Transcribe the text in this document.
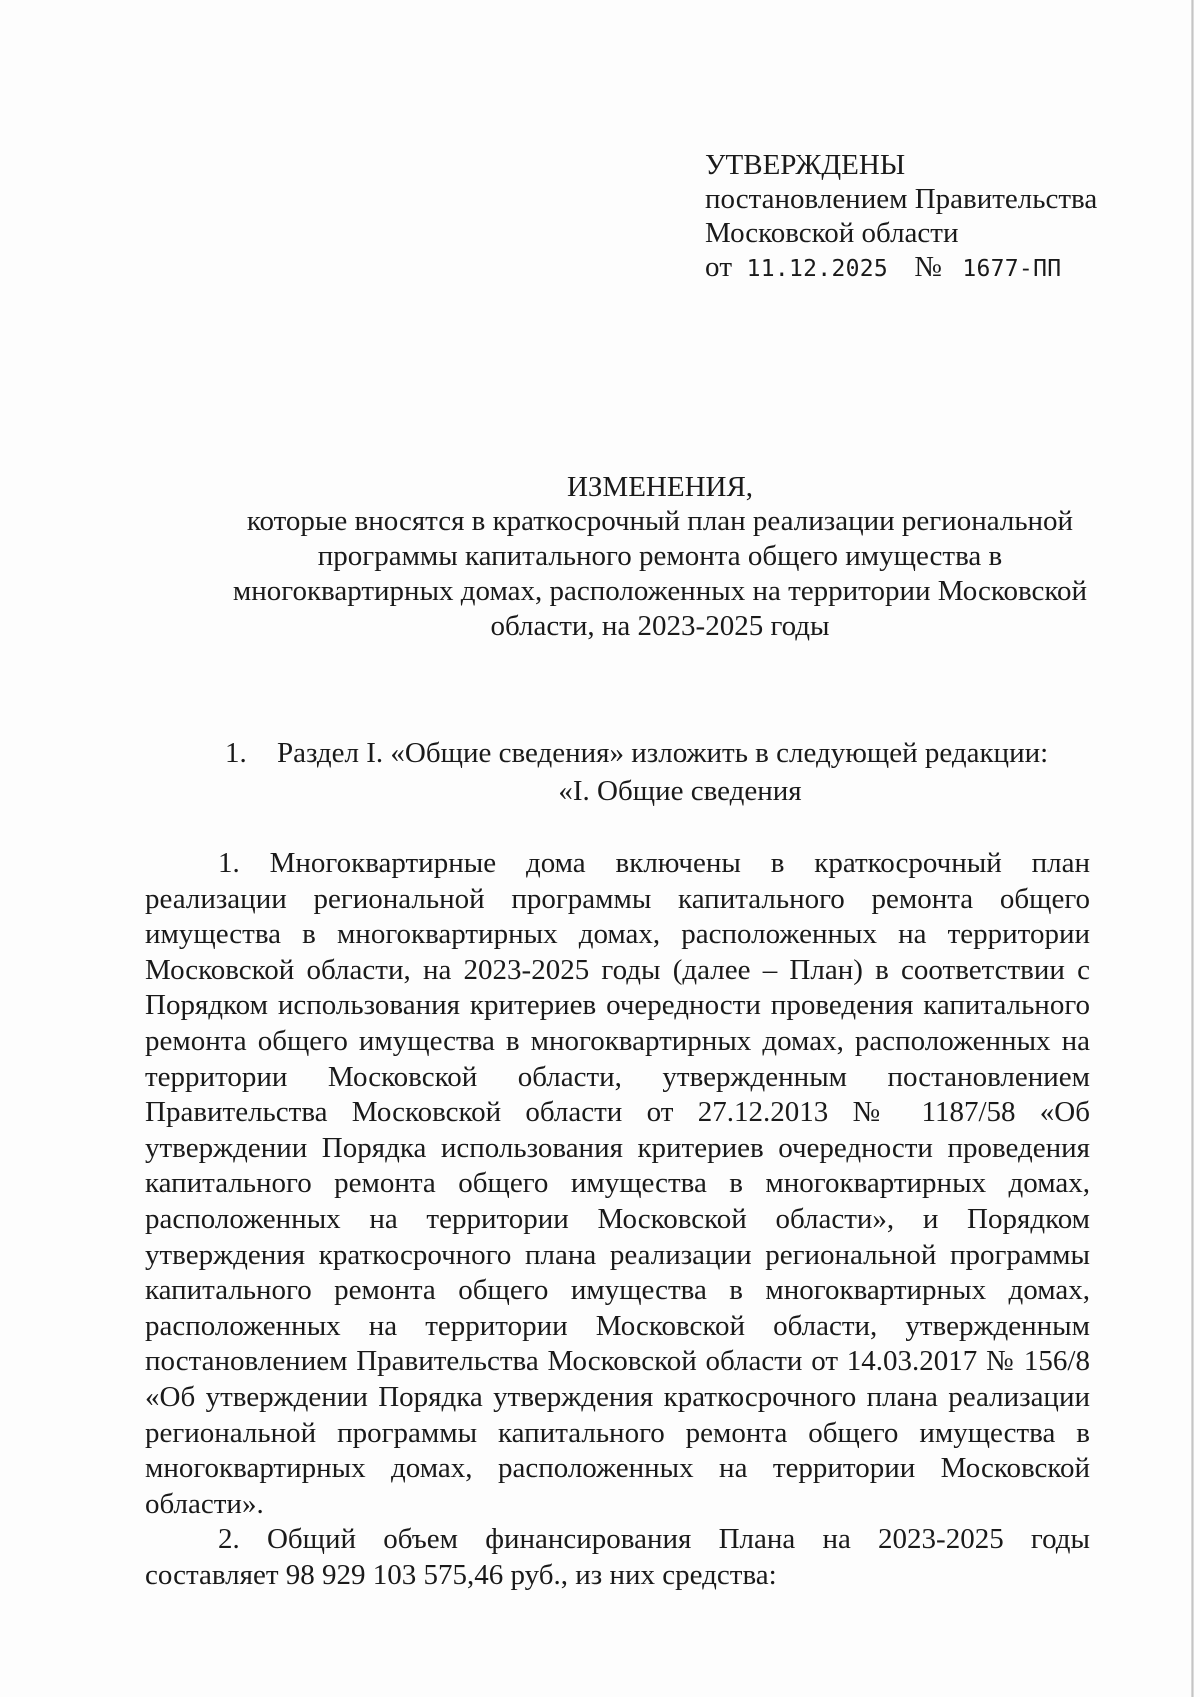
УТВЕРЖДЕНЫ
постановлением Правительства
Московской области
от 11.12.2025 № 1677-ПП
ИЗМЕНЕНИЯ,
которые вносятся в краткосрочный план реализации региональной программы капитального ремонта общего имущества в многоквартирных домах, расположенных на территории Московской области, на 2023-2025 годы
1. Раздел I. «Общие сведения» изложить в следующей редакции:
«I. Общие сведения

1. Многоквартирные дома включены в краткосрочный план реализации региональной программы капитального ремонта общего имущества в многоквартирных домах, расположенных на территории Московской области, на 2023-2025 годы (далее – План) в соответствии с Порядком использования критериев очередности проведения капитального ремонта общего имущества в многоквартирных домах, расположенных на территории Московской области, утвержденным постановлением Правительства Московской области от 27.12.2013 № 1187/58 «Об утверждении Порядка использования критериев очередности проведения капитального ремонта общего имущества в многоквартирных домах, расположенных на территории Московской области», и Порядком утверждения краткосрочного плана реализации региональной программы капитального ремонта общего имущества в многоквартирных домах, расположенных на территории Московской области, утвержденным постановлением Правительства Московской области от 14.03.2017 № 156/8 «Об утверждении Порядка утверждения краткосрочного плана реализации региональной программы капитального ремонта общего имущества в многоквартирных домах, расположенных на территории Московской области».

2. Общий объем финансирования Плана на 2023-2025 годы составляет 98 929 103 575,46 руб., из них средства:
